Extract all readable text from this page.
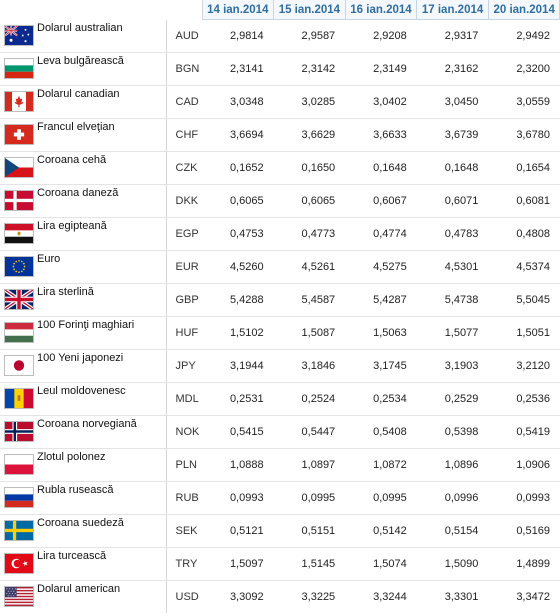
		14 ian.2014	15 ian.2014	16 ian.2014	17 ian.2014	20 ian.2014

Dolarul australian	AUD	2,9814	2,9587	2,9208	2,9317	2,9492

Leva bulgărească	BGN	2,3141	2,3142	2,3149	2,3162	2,3200

Dolarul canadian	CAD	3,0348	3,0285	3,0402	3,0450	3,0559

Francul elveţian	CHF	3,6694	3,6629	3,6633	3,6739	3,6780

Coroana cehă	CZK	0,1652	0,1650	0,1648	0,1648	0,1654

Coroana daneză	DKK	0,6065	0,6065	0,6067	0,6071	0,6081

Lira egipteană	EGP	0,4753	0,4773	0,4774	0,4783	0,4808

Euro	EUR	4,5260	4,5261	4,5275	4,5301	4,5374

Lira sterlină	GBP	5,4288	5,4587	5,4287	5,4738	5,5045

100 Forinţi maghiari	HUF	1,5102	1,5087	1,5063	1,5077	1,5051

100 Yeni japonezi	JPY	3,1944	3,1846	3,1745	3,1903	3,2120

Leul moldovenesc	MDL	0,2531	0,2524	0,2534	0,2529	0,2536

Coroana norvegiană	NOK	0,5415	0,5447	0,5408	0,5398	0,5419

Zlotul polonez	PLN	1,0888	1,0897	1,0872	1,0896	1,0906

Rubla rusească	RUB	0,0993	0,0995	0,0995	0,0996	0,0993

Coroana suedeză	SEK	0,5121	0,5151	0,5142	0,5154	0,5169

Lira turcească	TRY	1,5097	1,5145	1,5074	1,5090	1,4899

Dolarul american	USD	3,3092	3,3225	3,3244	3,3301	3,3472
